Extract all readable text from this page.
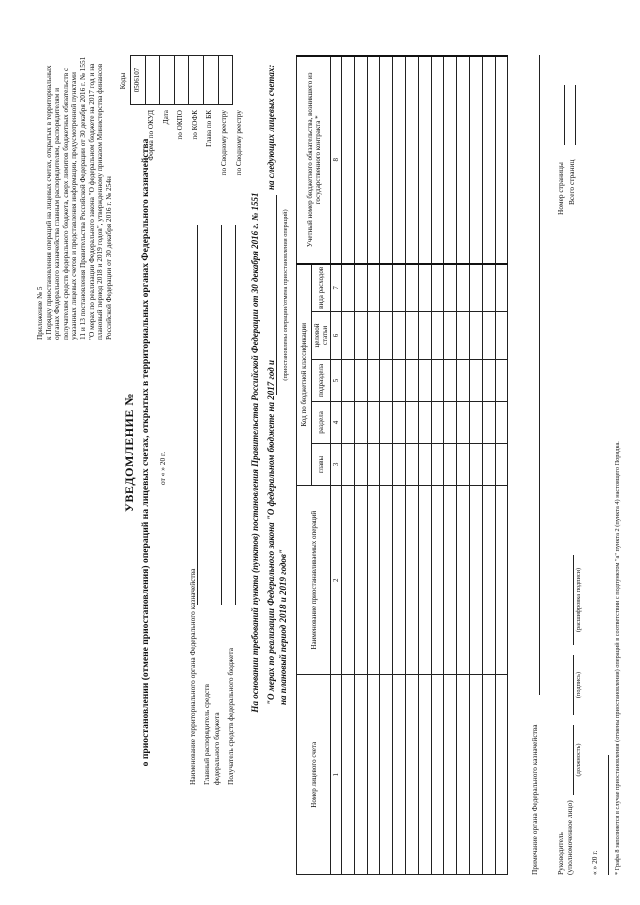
Приложение № 5 к Порядку приостановления операций на лицевых счетах, открытых в территориальных органах Федерального казначейства главным распорядителям, распорядителям и получателям средств федерального бюджета, сверх лимитов бюджетных обязательств с указанных лицевых счетов и представления информации, предусмотренной пунктами 11 и 13 постановления Правительства Российской Федерации от 30 декабря 2016 г. № 1551 "О мерах по реализации Федерального закона "О федеральном бюджете на 2017 год и на плановый период 2018 и 2019 годов", утвержденному приказом Министерства финансов Российской Федерации от 30 декабря 2016 г. № 254н
Коды 0506107
Форма по ОКУД Дата по ОКПО по КОФК Глава по БК по Сводному реестру по Сводному реестру
УВЕДОМЛЕНИЕ № о приостановлении (отмене приостановления) операций на лицевых счетах, открытых в территориальных органах Федерального казначейства от « » 20 г.
Наименование территориального органа Федерального казначейства Главный распорядитель средств федерального бюджета Получатель средств федерального бюджета
На основании требований пункта (пунктов) постановления Правительства Российской Федерации от 30 декабря 2016 г. № 1551 "О мерах по реализации Федерального закона "О федеральном бюджете на 2017 год и
на следующих лицевых счетах:
на плановый период 2018 и 2019 годов"
(приостановлены операции/отмена приостановления операций)
Номер лицевого счета	Наименование приостанавливаемых операций	Код по бюджетной классификации					Учетный номер бюджетного обязательства, возникшего из государственного контракта *

		главы	раздела	подраздела	целевой статьи	вида расходов	
1	2	3	4	5	6	7	8

Примечание органа Федерального казначейства Руководитель (уполномоченное лицо)
(должность)
(подпись)
(расшифровка подписи)
« » 20 г.
Номер страницы Всего страниц
* Графа 8 заполняется в случае приостановления (отмены приостановления) операций в соответствии с подпунктом "а" пункта 2 (пункта 4) настоящего Порядка.
